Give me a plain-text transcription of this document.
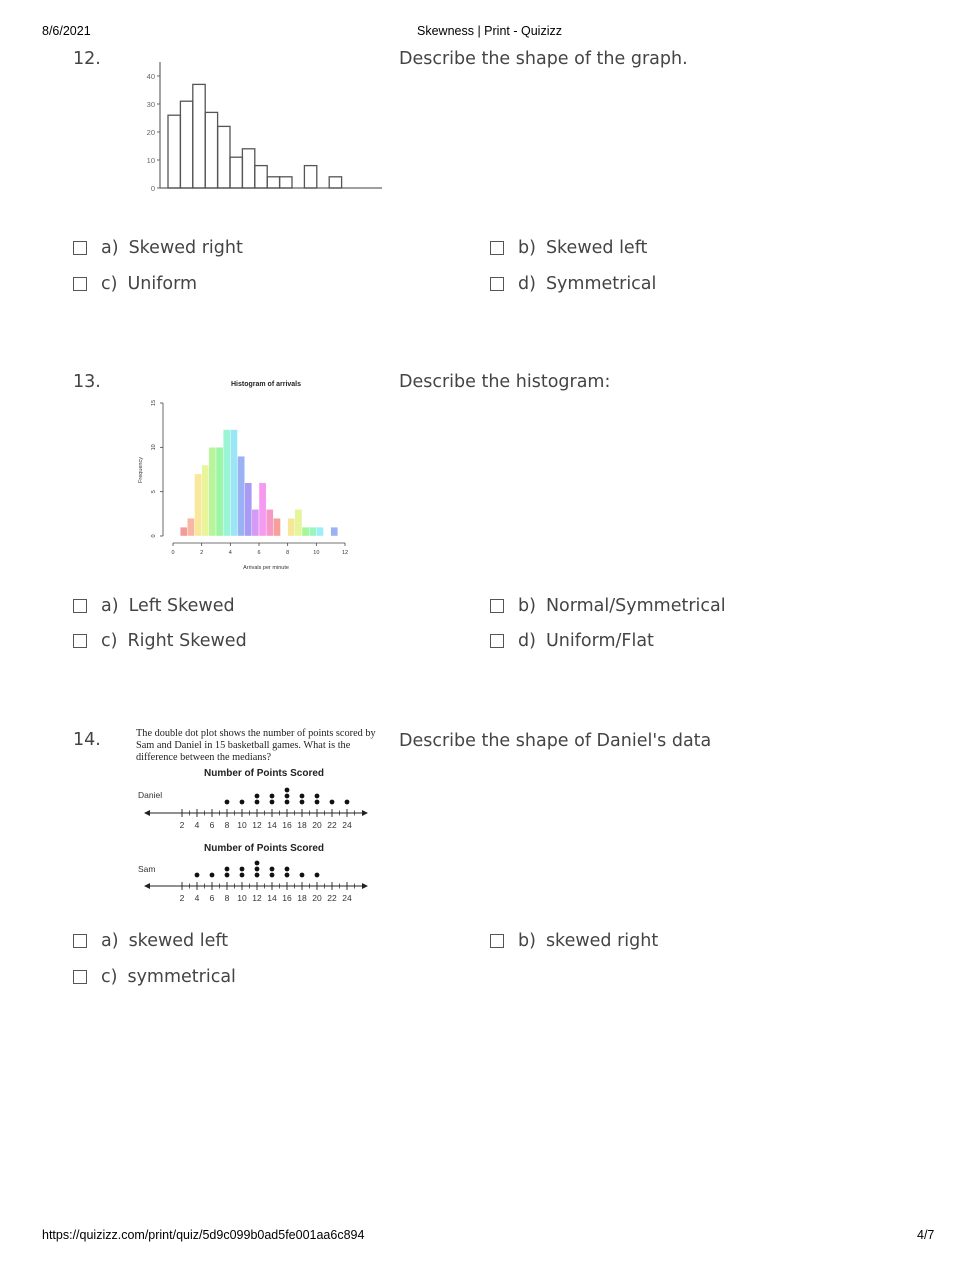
8/6/2021	Skewness | Print - Quizizz
12.
0
10
20
30
40
Describe the shape of the graph.
a) Skewed right	b) Skewed left
c) Uniform	d) Symmetrical
13.	Histogram of arrivals
Frequency
Arrivals per minute
0	2	4	6	8	10	12
0
5
10
15
Describe the histogram:
a) Left Skewed	b) Normal/Symmetrical
c) Right Skewed	d) Uniform/Flat
14.	The double dot plot shows the number of points scored by Sam and Daniel in 15 basketball games. What is the difference between the medians?
Number of Points Scored
Daniel
2 4 6 8 10 12 14 16 18 20 22 24
Number of Points Scored
Sam
2 4 6 8 10 12 14 16 18 20 22 24
Describe the shape of Daniel's data
a) skewed left	b) skewed right
c) symmetrical
https://quizizz.com/print/quiz/5d9c099b0ad5fe001aa6c894	4/7
